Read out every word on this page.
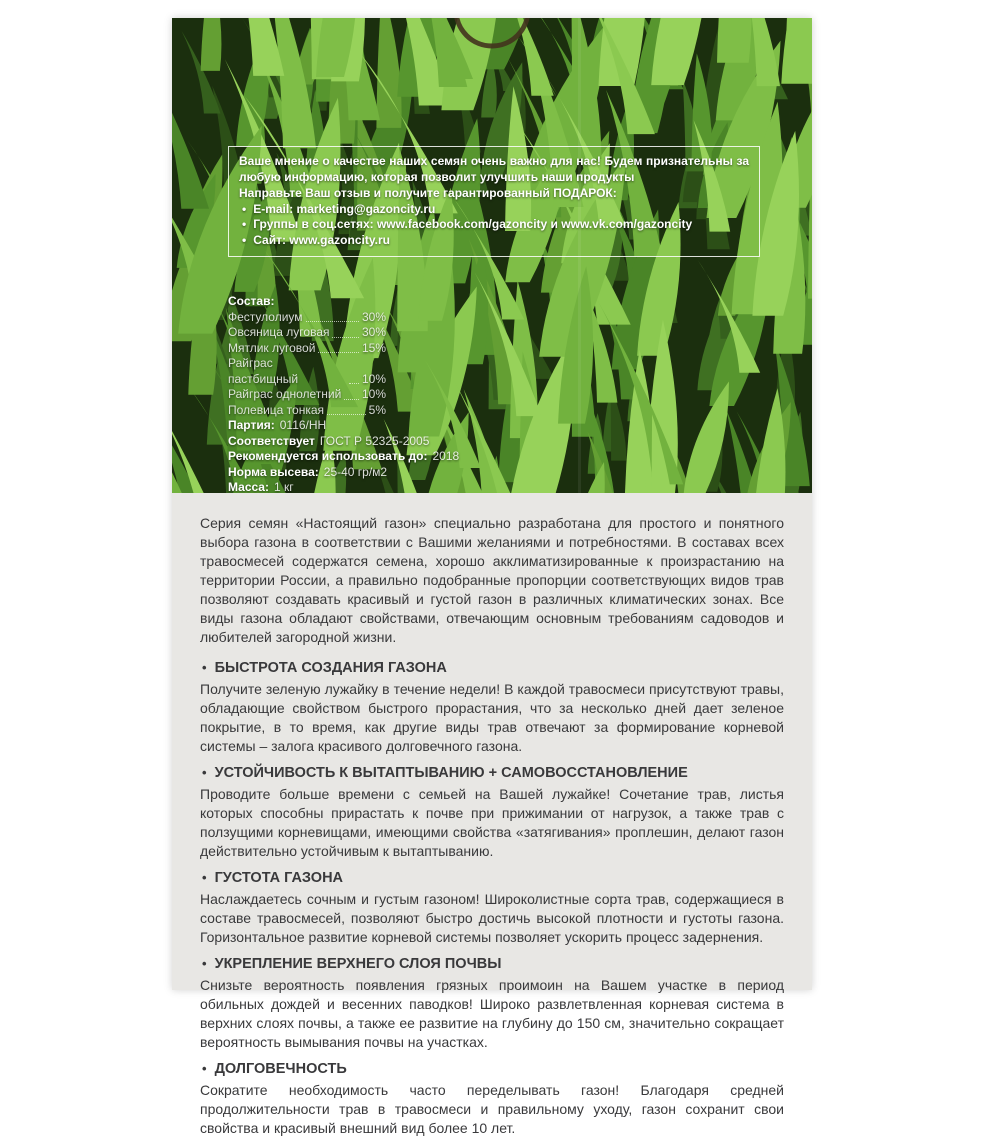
Ваше мнение о качестве наших семян очень важно для нас! Будем признательны за любую информацию, которая позволит улучшить наши продукты
Направьте Ваш отзыв и получите гарантированный ПОДАРОК:
• E-mail: marketing@gazoncity.ru
• Группы в соц.сетях: www.facebook.com/gazoncity и www.vk.com/gazoncity
• Сайт: www.gazoncity.ru
Состав:
Фестулолиум	30%
Овсяница луговая	30%
Мятлик луговой	15%
Райграс пастбищный	10%
Райграс однолетний 10%
Полевица тонкая	5%
Партия: 0116/НН
Соответствует ГОСТ Р 52325-2005
Рекомендуется использовать до: 2018
Норма высева: 25-40 гр/м2
Масса: 1 кг

Серия семян «Настоящий газон» специально разработана для простого и понятного выбора газона в соответствии с Вашими желаниями и потребностями. В составах всех травосмесей содержатся семена, хорошо акклиматизированные к произрастанию на территории России, а правильно подобранные пропорции соответствующих видов трав позволяют создавать красивый и густой газон в различных климатических зонах. Все виды газона обладают свойствами, отвечающим основным требованиям садоводов и любителей загородной жизни.

• БЫСТРОТА СОЗДАНИЯ ГАЗОНА

Получите зеленую лужайку в течение недели! В каждой травосмеси присутствуют травы, обладающие свойством быстрого прорастания, что за несколько дней дает зеленое покрытие, в то время, как другие виды трав отвечают за формирование корневой системы – залога красивого долговечного газона.

• УСТОЙЧИВОСТЬ К ВЫТАПТЫВАНИЮ + САМОВОССТАНОВЛЕНИЕ

Проводите больше времени с семьей на Вашей лужайке! Сочетание трав, листья которых способны прирастать к почве при прижимании от нагрузок, а также трав с ползущими корневищами, имеющими свойства «затягивания» проплешин, делают газон действительно устойчивым к вытаптыванию.

• ГУСТОТА ГАЗОНА

Наслаждаетесь сочным и густым газоном! Широколистные сорта трав, содержащиеся в составе травосмесей, позволяют быстро достичь высокой плотности и густоты газона. Горизонтальное развитие корневой системы позволяет ускорить процесс задернения.

• УКРЕПЛЕНИЕ ВЕРХНЕГО СЛОЯ ПОЧВЫ

Снизьте вероятность появления грязных проимоин на Вашем участке в период обильных дождей и весенних паводков! Широко развлетвленная корневая система в верхних слоях почвы, а также ее развитие на глубину до 150 см, значительно сокращает вероятность вымывания почвы на участках.

• ДОЛГОВЕЧНОСТЬ

Сократите необходимость часто переделывать газон! Благодаря средней продолжительности трав в травосмеси и правильному уходу, газон сохранит свои свойства и красивый внешний вид более 10 лет.
